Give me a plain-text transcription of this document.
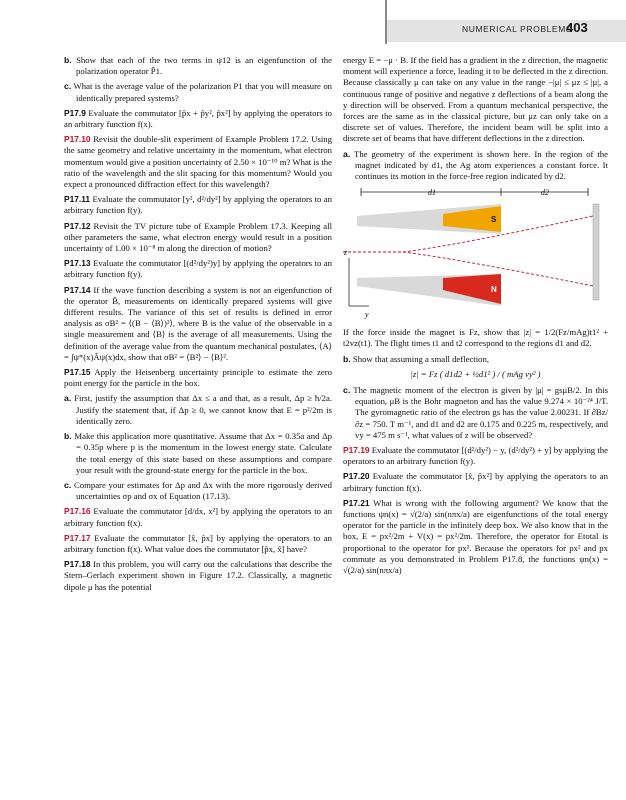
NUMERICAL PROBLEMS
403

b. Show that each of the two terms in ψ12 is an eigenfunction of the polarization operator P̂1.

c. What is the average value of the polarization P1 that you will measure on identically prepared systems?

P17.9 Evaluate the commutator [p̂x + p̂y², p̂x²] by applying the operators to an arbitrary function f(x).

P17.10 Revisit the double-slit experiment of Example Problem 17.2. Using the same geometry and relative uncertainty in the momentum, what electron momentum would give a position uncertainty of 2.50 × 10⁻¹⁰ m? What is the ratio of the wavelength and the slit spacing for this momentum? Would you expect a pronounced diffraction effect for this wavelength?

P17.11 Evaluate the commutator [y², d²/dy²] by applying the operators to an arbitrary function f(y).

P17.12 Revisit the TV picture tube of Example Problem 17.3. Keeping all other parameters the same, what electron energy would result in a position uncertainty of 1.00 × 10⁻⁸ m along the direction of motion?

P17.13 Evaluate the commutator [(d²/dy²)y] by applying the operators to an arbitrary function f(y).

P17.14 If the wave function describing a system is not an eigenfunction of the operator B̂, measurements on identically prepared systems will give different results. The variance of this set of results is defined in error analysis as σB² = ⟨(B − ⟨B⟩)²⟩, where B is the value of the observable in a single measurement and ⟨B⟩ is the average of all measurements. Using the definition of the average value from the quantum mechanical postulates, ⟨A⟩ = ∫ψ*(x)Âψ(x)dx, show that σB² = ⟨B²⟩ − ⟨B⟩².

P17.15 Apply the Heisenberg uncertainty principle to estimate the zero point energy for the particle in the box.

a. First, justify the assumption that Δx ≤ a and that, as a result, Δp ≥ ħ/2a. Justify the statement that, if Δp ≥ 0, we cannot know that E = p²/2m is identically zero.

b. Make this application more quantitative. Assume that Δx = 0.35a and Δp = 0.35p where p is the momentum in the lowest energy state. Calculate the total energy of this state based on these assumptions and compare your result with the ground-state energy for the particle in the box.

c. Compare your estimates for Δp and Δx with the more rigorously derived uncertainties σp and σx of Equation (17.13).

P17.16 Evaluate the commutator [d/dx, x²] by applying the operators to an arbitrary function f(x).

P17.17 Evaluate the commutator [x̂, p̂x] by applying the operators to an arbitrary function f(x). What value does the commutator [p̂x, x̂] have?

P17.18 In this problem, you will carry out the calculations that describe the Stern–Gerlach experiment shown in Figure 17.2. Classically, a magnetic dipole μ has the potential

energy E = −μ · B. If the field has a gradient in the z direction, the magnetic moment will experience a force, leading it to be deflected in the z direction. Because classically μ can take on any value in the range −|μ| ≤ μz ≤ |μ|, a continuous range of positive and negative z deflections of a beam along the y direction will be observed. From a quantum mechanical perspective, the forces are the same as in the classical picture, but μz can only take on a discrete set of values. Therefore, the incident beam will be split into a discrete set of beams that have different deflections in the z direction.

a. The geometry of the experiment is shown here. In the region of the magnet indicated by d1, the Ag atom experiences a constant force. It continues its motion in the force-free region indicated by d2.

d1	d2
S
N
z
y

If the force inside the magnet is Fz, show that |z| = 1/2(Fz/mAg)t1² + t2vz(t1). The flight times t1 and t2 correspond to the regions d1 and d2.

b. Show that assuming a small deflection,

|z| = Fz ( d1d2 + ½d1² ) / ( mAg vy² )

c. The magnetic moment of the electron is given by |μ| = gsμB/2. In this equation, μB is the Bohr magneton and has the value 9.274 × 10⁻²⁴ J/T. The gyromagnetic ratio of the electron gs has the value 2.00231. If ∂Bz/∂z = 750. T m⁻¹, and d1 and d2 are 0.175 and 0.225 m, respectively, and vy = 475 m s⁻¹, what values of z will be observed?

P17.19 Evaluate the commutator [(d²/dy²) − y, (d²/dy²) + y] by applying the operators to an arbitrary function f(y).

P17.20 Evaluate the commutator [x̂, p̂x²] by applying the operators to an arbitrary function f(x).

P17.21 What is wrong with the following argument? We know that the functions ψn(x) = √(2/a) sin(nπx/a) are eigenfunctions of the total energy operator for the particle in the infinitely deep box. We also know that in the box, E = px²/2m + V(x) = px²/2m. Therefore, the operator for Etotal is proportional to the operator for px². Because the operators for px² and px commute as you demonstrated in Problem P17.8, the functions ψn(x) = √(2/a) sin(nπx/a)
